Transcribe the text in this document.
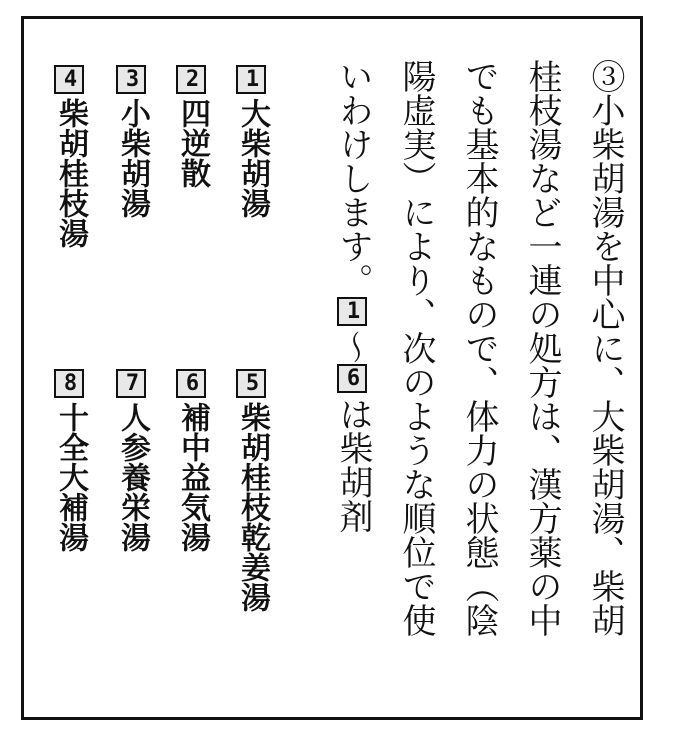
③小柴胡湯を中心に、大柴胡湯、柴胡
桂枝湯など一連の処方は、漢方薬の中
でも基本的なもので、体力の状態（陰
陽虚実）により、次のような順位で使
いわけします。1〜6は柴胡剤
1大柴胡湯
2四逆散
3小柴胡湯
4柴胡桂枝湯
5柴胡桂枝乾姜湯
6補中益気湯
7人参養栄湯
8十全大補湯
